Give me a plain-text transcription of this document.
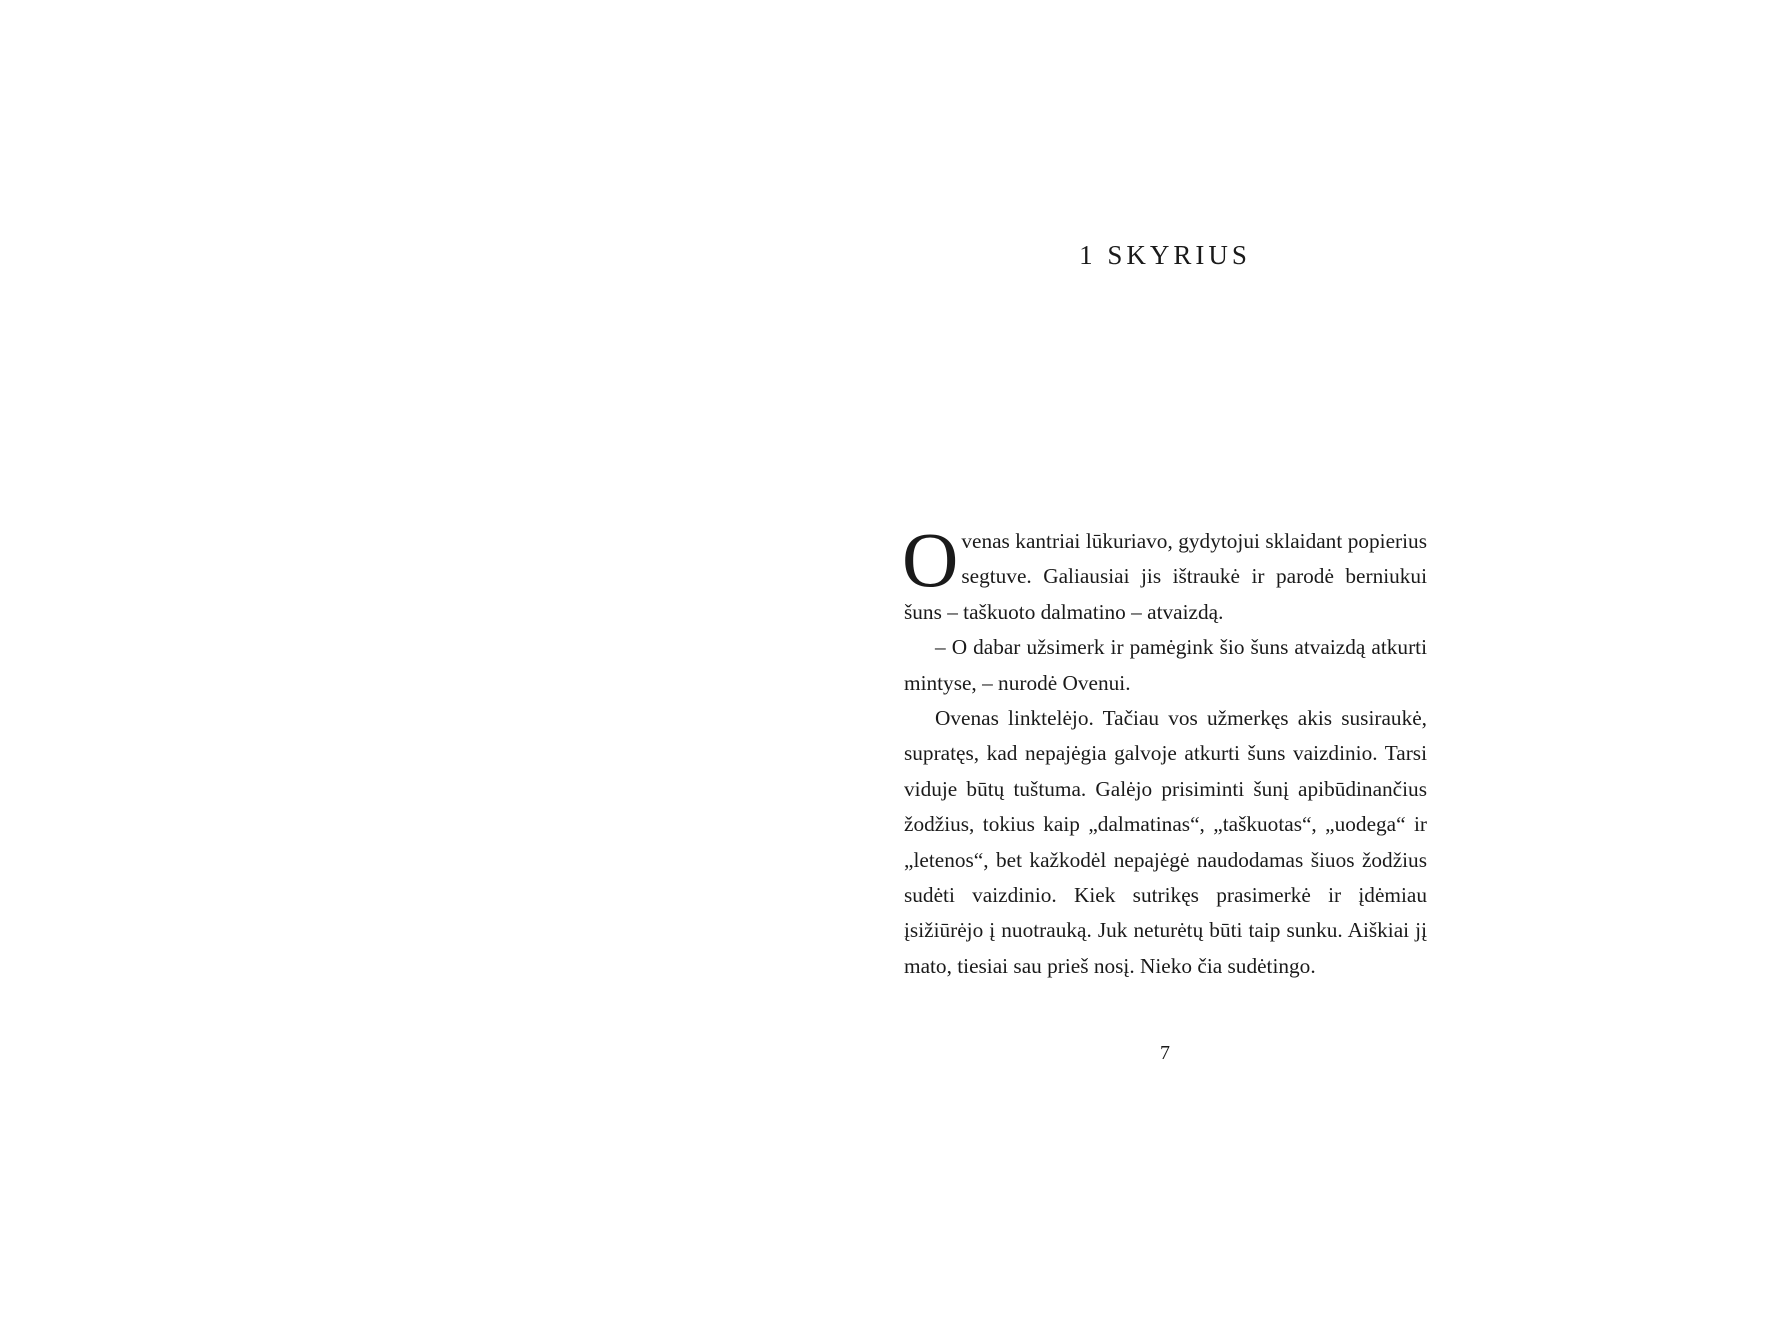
1 SKYRIUS

Ovenas kantriai lūkuriavo, gydytojui sklaidant popierius segtuve. Galiausiai jis ištraukė ir parodė berniukui šuns – taškuoto dalmatino – atvaizdą.

– O dabar užsimerk ir pamėgink šio šuns atvaizdą atkurti mintyse, – nurodė Ovenui.

Ovenas linktelėjo. Tačiau vos užmerkęs akis susiraukė, supratęs, kad nepajėgia galvoje atkurti šuns vaizdinio. Tarsi viduje būtų tuštuma. Galėjo prisiminti šunį apibūdinančius žodžius, tokius kaip „dalmatinas“, „taškuotas“, „uodega“ ir „letenos“, bet kažkodėl nepajėgė naudodamas šiuos žodžius sudėti vaizdinio. Kiek sutrikęs prasimerkė ir įdėmiau įsižiūrėjo į nuotrauką. Juk neturėtų būti taip sunku. Aiškiai jį mato, tiesiai sau prieš nosį. Nieko čia sudėtingo.

7
